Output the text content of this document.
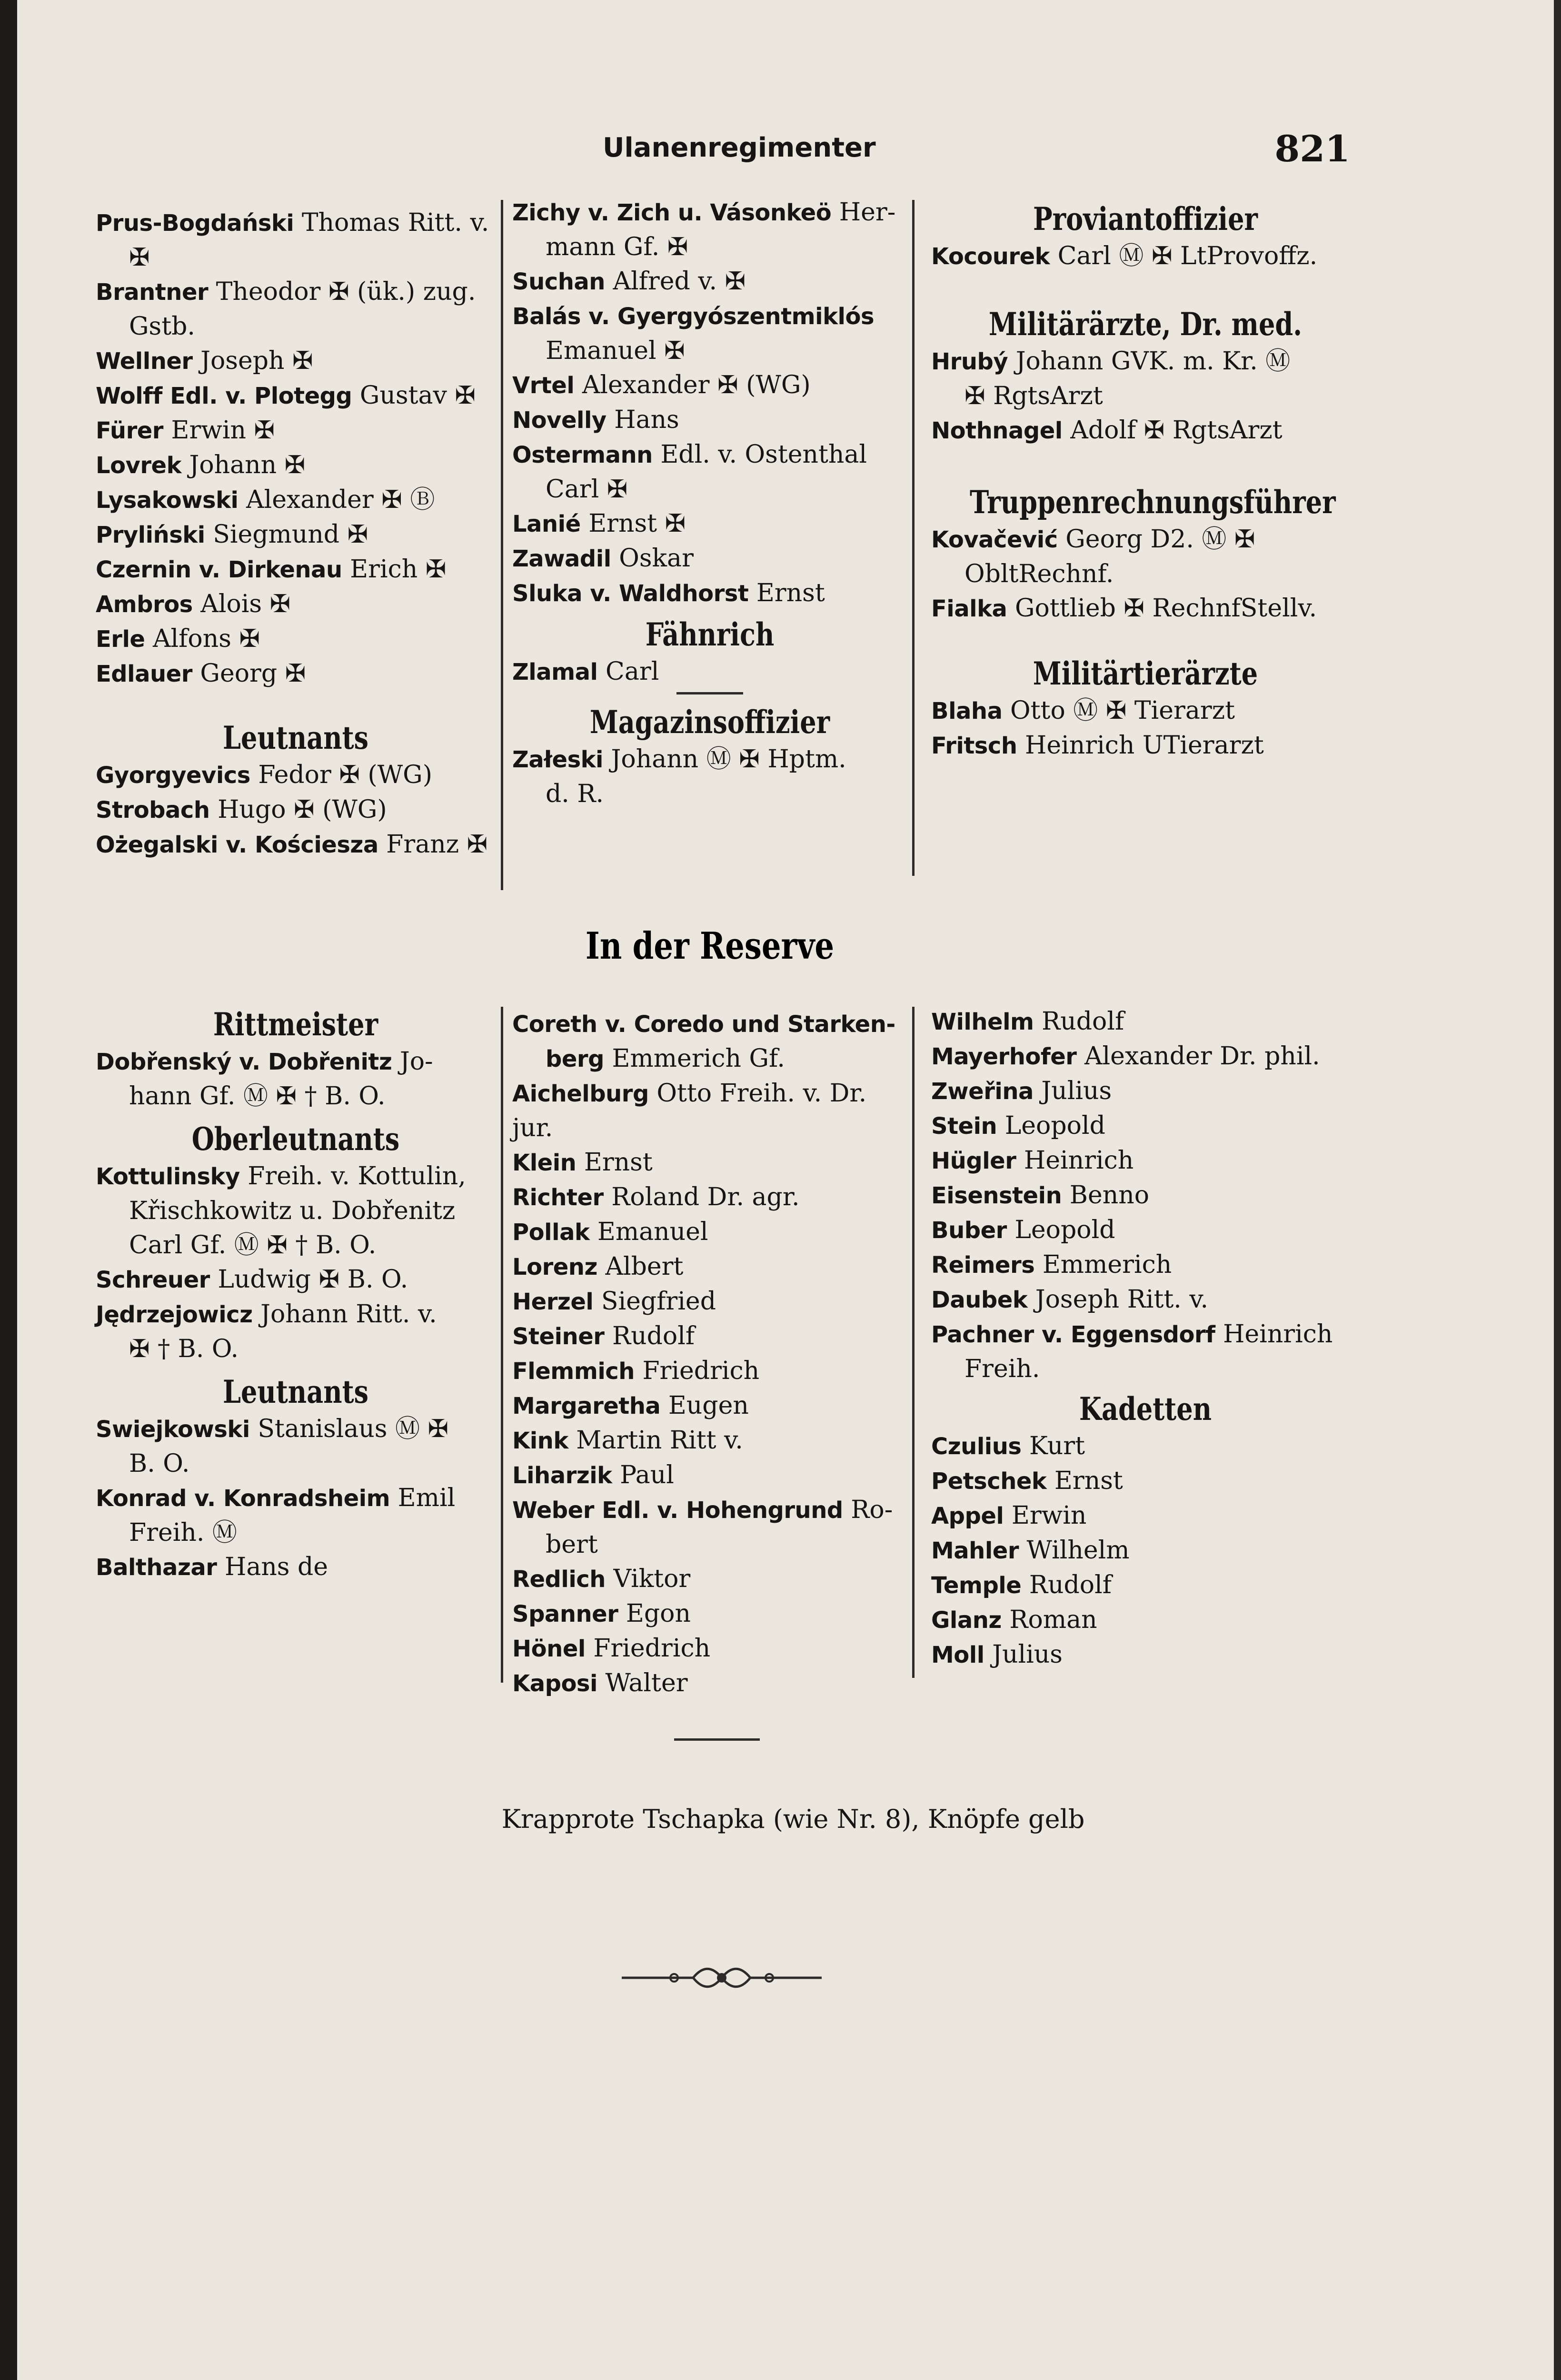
Ulanenregimenter	821

Prus-Bogdański Thomas Ritt. v.

✠

Brantner Theodor ✠ (ük.) zug.

Gstb.

Wellner Joseph ✠

Wolff Edl. v. Plotegg Gustav ✠

Fürer Erwin ✠

Lovrek Johann ✠

Lysakowski Alexander ✠ Ⓑ

Pryliński Siegmund ✠

Czernin v. Dirkenau Erich ✠

Ambros Alois ✠

Erle Alfons ✠

Edlauer Georg ✠

Leutnants

Gyorgyevics Fedor ✠ (WG)

Strobach Hugo ✠ (WG)

Ożegalski v. Kościesza Franz ✠

Zichy v. Zich u. Vásonkeö Her-

mann Gf. ✠

Suchan Alfred v. ✠

Balás v. Gyergyószentmiklós

Emanuel ✠

Vrtel Alexander ✠ (WG)

Novelly Hans

Ostermann Edl. v. Ostenthal

Carl ✠

Lanié Ernst ✠

Zawadil Oskar

Sluka v. Waldhorst Ernst

Fähnrich

Zlamal Carl

Magazinsoffizier

Załeski Johann Ⓜ ✠ Hptm.

d. R.

Proviantoffizier

Kocourek Carl Ⓜ ✠ LtProvoffz.

Militärärzte, Dr. med.

Hrubý Johann GVK. m. Kr. Ⓜ

✠ RgtsArzt

Nothnagel Adolf ✠ RgtsArzt

Truppenrechnungsführer

Kovačević Georg D2. Ⓜ ✠

ObltRechnf.

Fialka Gottlieb ✠ RechnfStellv.

Militärtierärzte

Blaha Otto Ⓜ ✠ Tierarzt

Fritsch Heinrich UTierarzt

In der Reserve

Rittmeister

Dobřenský v. Dobřenitz Jo-

hann Gf. Ⓜ ✠ † B. O.

Oberleutnants

Kottulinsky Freih. v. Kottulin,

Křischkowitz u. Dobřenitz

Carl Gf. Ⓜ ✠ † B. O.

Schreuer Ludwig ✠ B. O.

Jędrzejowicz Johann Ritt. v.

✠ † B. O.

Leutnants

Swiejkowski Stanislaus Ⓜ ✠

B. O.

Konrad v. Konradsheim Emil

Freih. Ⓜ

Balthazar Hans de

Coreth v. Coredo und Starken-

berg Emmerich Gf.

Aichelburg Otto Freih. v. Dr. jur.

Klein Ernst

Richter Roland Dr. agr.

Pollak Emanuel

Lorenz Albert

Herzel Siegfried

Steiner Rudolf

Flemmich Friedrich

Margaretha Eugen

Kink Martin Ritt v.

Liharzik Paul

Weber Edl. v. Hohengrund Ro-

bert

Redlich Viktor

Spanner Egon

Hönel Friedrich

Kaposi Walter

Wilhelm Rudolf

Mayerhofer Alexander Dr. phil.

Zweřina Julius

Stein Leopold

Hügler Heinrich

Eisenstein Benno

Buber Leopold

Reimers Emmerich

Daubek Joseph Ritt. v.

Pachner v. Eggensdorf Heinrich

Freih.

Kadetten

Czulius Kurt

Petschek Ernst

Appel Erwin

Mahler Wilhelm

Temple Rudolf

Glanz Roman

Moll Julius

Krapprote Tschapka (wie Nr. 8), Knöpfe gelb
